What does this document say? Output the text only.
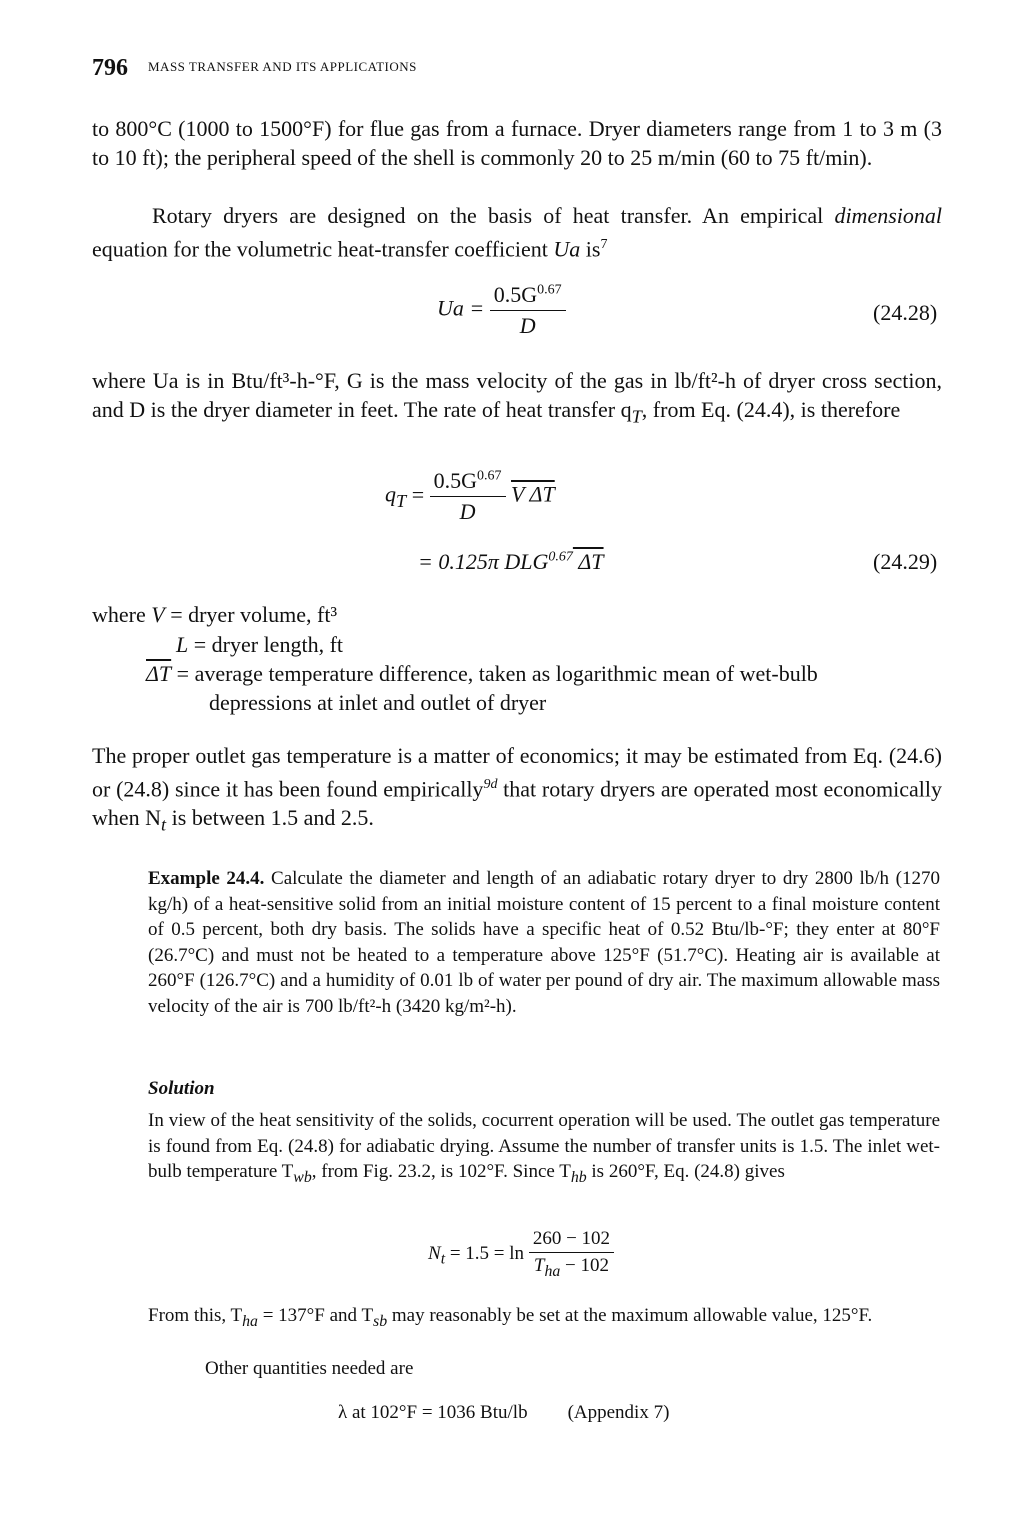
796 MASS TRANSFER AND ITS APPLICATIONS

to 800°C (1000 to 1500°F) for flue gas from a furnace. Dryer diameters range from 1 to 3 m (3 to 10 ft); the peripheral speed of the shell is commonly 20 to 25 m/min (60 to 75 ft/min).

Rotary dryers are designed on the basis of heat transfer. An empirical dimensional equation for the volumetric heat-transfer coefficient Ua $is^7$

$Ua = \frac{0.5G^{0.67}}{D}$	(24.28)

where Ua is in Btu/ft³-h-°F, G is the mass velocity of the gas in lb/ft²-h of dryer cross section, and D is the dryer diameter in feet. The rate of heat transfer $q_T$, from Eq. (24.4), is therefore

$q_T = \frac{0.5G^{0.67}}{D}$ V ΔT
= 0.125π $DLG^{0.67}$ ΔT	(24.29)
where V = dryer volume, ft³
L = dryer length, ft
$\overline{\Delta T}$ = average temperature difference, taken as logarithmic mean of wet-bulb
depressions at inlet and outlet of dryer

The proper outlet gas temperature is a matter of economics; it may be estimated from Eq. (24.6) or (24.8) since it has been found empirically$^{9d}$ that rotary dryers are operated most economically when $N_t$ is between 1.5 and 2.5.

Example 24.4. Calculate the diameter and length of an adiabatic rotary dryer to dry 2800 lb/h (1270 kg/h) of a heat-sensitive solid from an initial moisture content of 15 percent to a final moisture content of 0.5 percent, both dry basis. The solids have a specific heat of 0.52 Btu/lb-°F; they enter at 80°F (26.7°C) and must not be heated to a temperature above 125°F (51.7°C). Heating air is available at 260°F (126.7°C) and a humidity of 0.01 lb of water per pound of dry air. The maximum allowable mass velocity of the air is 700 lb/ft²-h (3420 kg/m²-h).

Solution

In view of the heat sensitivity of the solids, cocurrent operation will be used. The outlet gas temperature is found from Eq. (24.8) for adiabatic drying. Assume the number of transfer units is 1.5. The inlet wet-bulb temperature $T_{wb}$, from Fig. 23.2, is 102°F. Since $T_{hb}$ is 260°F, Eq. (24.8) gives

$N_t = 1.5 = \ln \frac{260 - 102}{T_{ha} - 102}$

From this, $T_{ha} = 137^\circ F$ and $T_{sb}$ may reasonably be set at the maximum allowable value, 125°F.

Other quantities needed are
λ at 102°F = 1036 Btu/lb (Appendix 7)
